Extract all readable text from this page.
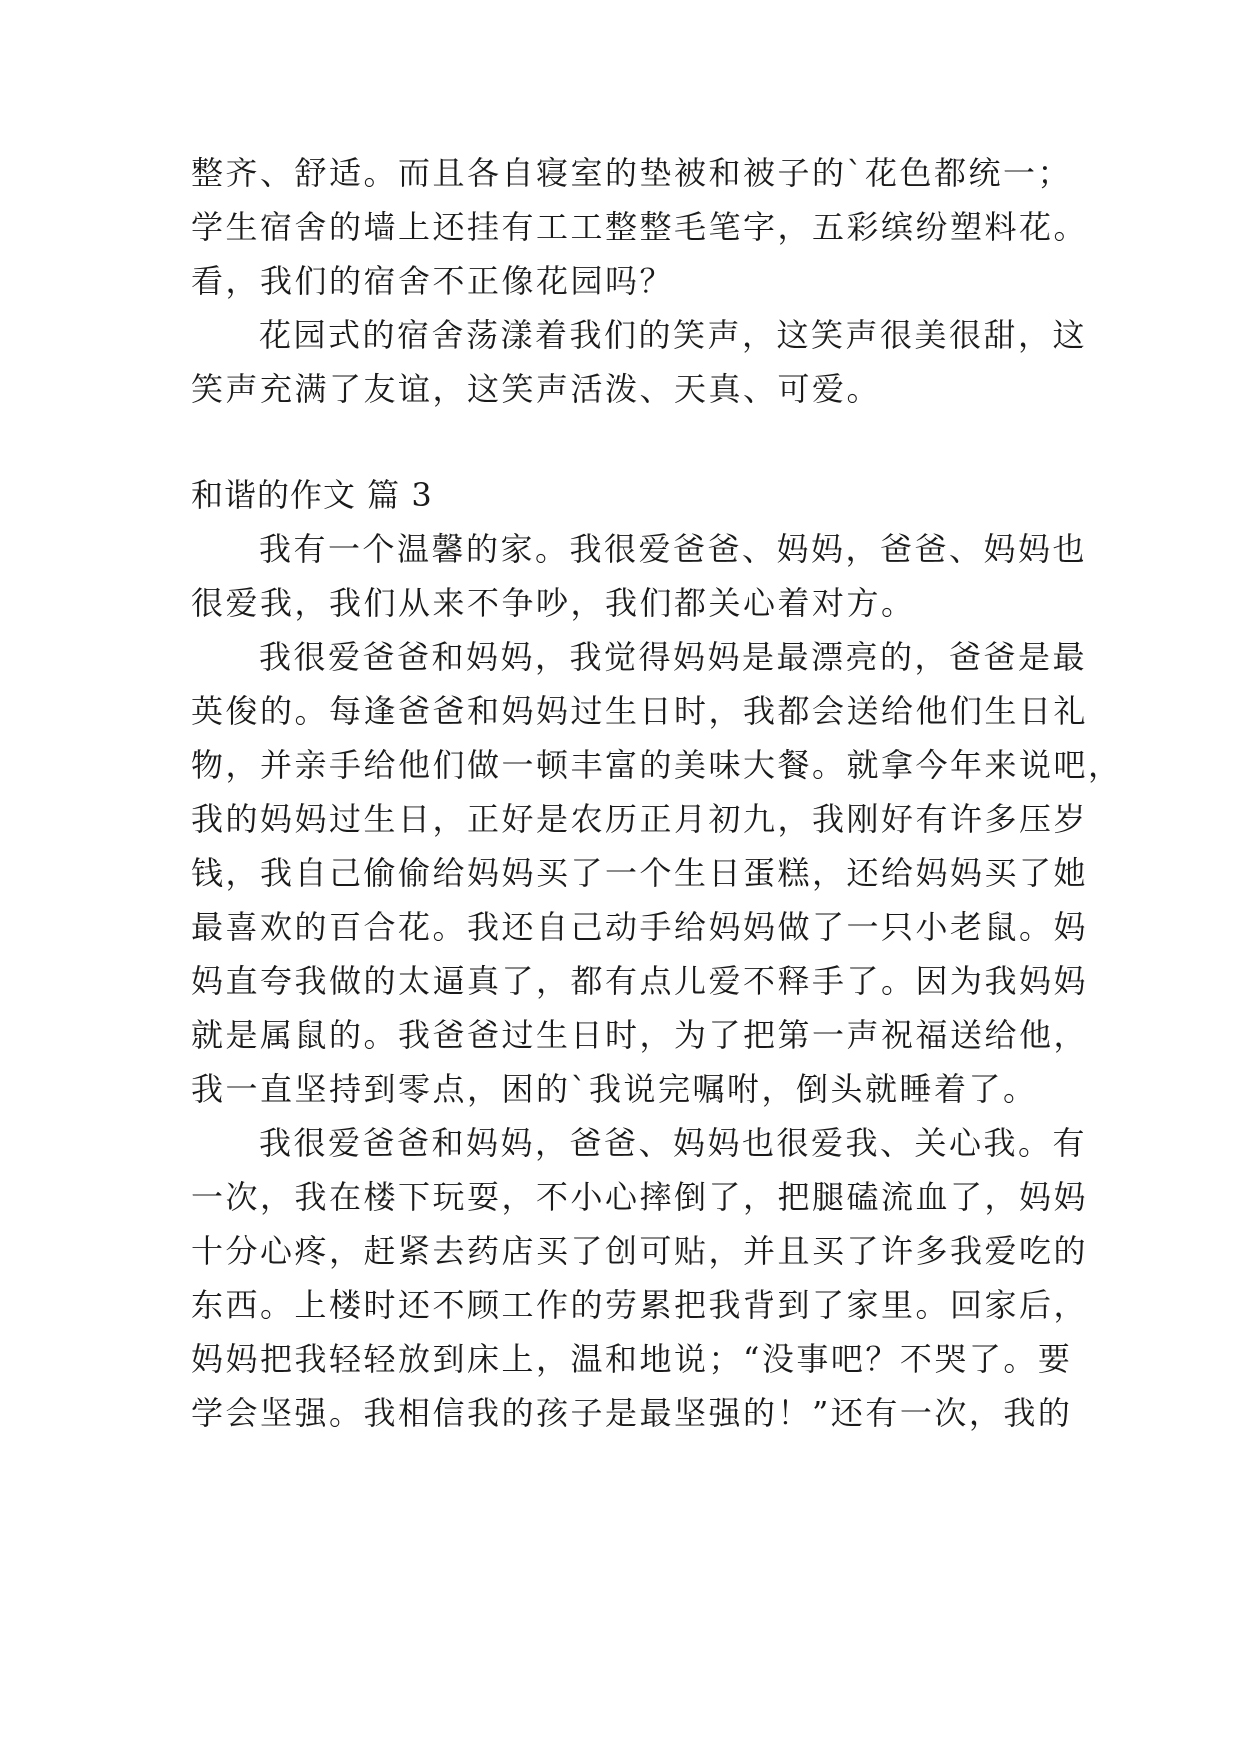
整齐、舒适。而且各自寝室的垫被和被子的`花色都统一；
学生宿舍的墙上还挂有工工整整毛笔字，五彩缤纷塑料花。
看，我们的宿舍不正像花园吗？
花园式的宿舍荡漾着我们的笑声，这笑声很美很甜，这
笑声充满了友谊，这笑声活泼、天真、可爱。
和谐的作文 篇 3
我有一个温馨的家。我很爱爸爸、妈妈，爸爸、妈妈也
很爱我，我们从来不争吵，我们都关心着对方。
我很爱爸爸和妈妈，我觉得妈妈是最漂亮的，爸爸是最
英俊的。每逢爸爸和妈妈过生日时，我都会送给他们生日礼
物，并亲手给他们做一顿丰富的美味大餐。就拿今年来说吧，
我的妈妈过生日，正好是农历正月初九，我刚好有许多压岁
钱，我自己偷偷给妈妈买了一个生日蛋糕，还给妈妈买了她
最喜欢的百合花。我还自己动手给妈妈做了一只小老鼠。妈
妈直夸我做的太逼真了，都有点儿爱不释手了。因为我妈妈
就是属鼠的。我爸爸过生日时，为了把第一声祝福送给他，
我一直坚持到零点，困的`我说完嘱咐，倒头就睡着了。
我很爱爸爸和妈妈，爸爸、妈妈也很爱我、关心我。有
一次，我在楼下玩耍，不小心摔倒了，把腿磕流血了，妈妈
十分心疼，赶紧去药店买了创可贴，并且买了许多我爱吃的
东西。上楼时还不顾工作的劳累把我背到了家里。回家后，
妈妈把我轻轻放到床上，温和地说；“没事吧？不哭了。要
学会坚强。我相信我的孩子是最坚强的！”还有一次，我的
